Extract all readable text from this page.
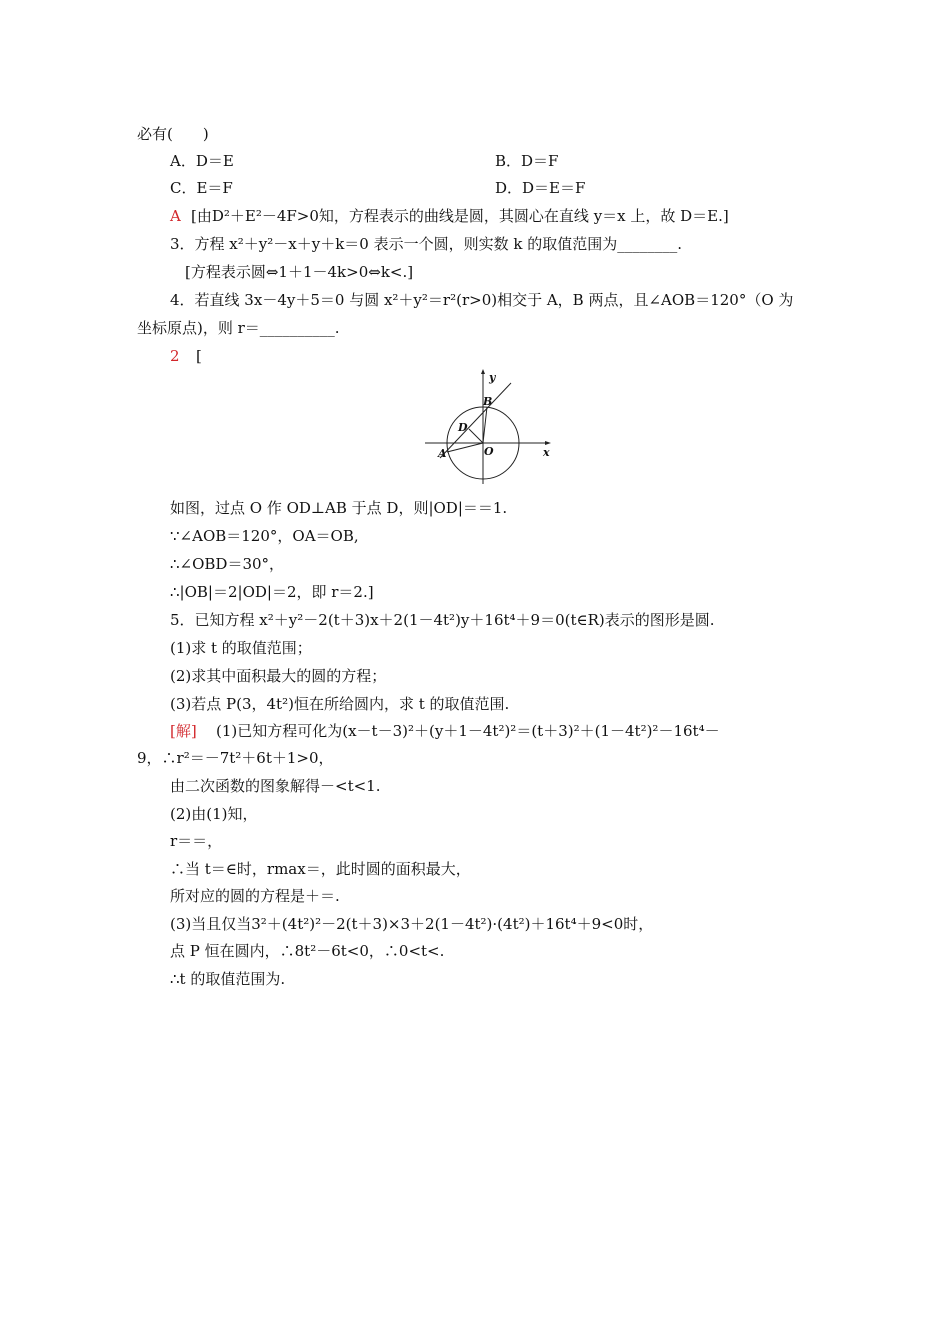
必有(　　)
A．D＝E	B．D＝F
C．E＝F	D．D＝E＝F
A [由D²＋E²－4F>0知，方程表示的曲线是圆，其圆心在直线 y＝x 上，故 D＝E.]
3．方程 x²＋y²－x＋y＋k＝0 表示一个圆，则实数 k 的取值范围为________.
[方程表示圆⇔1＋1－4k>0⇔k<.]
4．若直线 3x－4y＋5＝0 与圆 x²＋y²＝r²(r>0)相交于 A，B 两点，且∠AOB＝120°（O 为
坐标原点)，则 r＝__________.
2 [
y
x
B
D
A	O
如图，过点 O 作 OD⊥AB 于点 D，则|OD|＝＝1.
∵∠AOB＝120°，OA＝OB,
∴∠OBD＝30°，
∴|OB|＝2|OD|＝2，即 r＝2.]
5．已知方程 x²＋y²－2(t＋3)x＋2(1－4t²)y＋16t⁴＋9＝0(t∈R)表示的图形是圆.
(1)求 t 的取值范围；
(2)求其中面积最大的圆的方程；
(3)若点 P(3，4t²)恒在所给圆内，求 t 的取值范围.
[解] (1)已知方程可化为(x－t－3)²＋(y＋1－4t²)²＝(t＋3)²＋(1－4t²)²－16t⁴－
9，∴r²＝－7t²＋6t＋1>0，
由二次函数的图象解得－<t<1.
(2)由(1)知，
r＝＝，
∴当 t＝∈时，rmax＝，此时圆的面积最大，
所对应的圆的方程是＋＝.
(3)当且仅当3²＋(4t²)²－2(t＋3)×3＋2(1－4t²)·(4t²)＋16t⁴＋9<0时，
点 P 恒在圆内，∴8t²－6t<0，∴0<t<.
∴t 的取值范围为.
